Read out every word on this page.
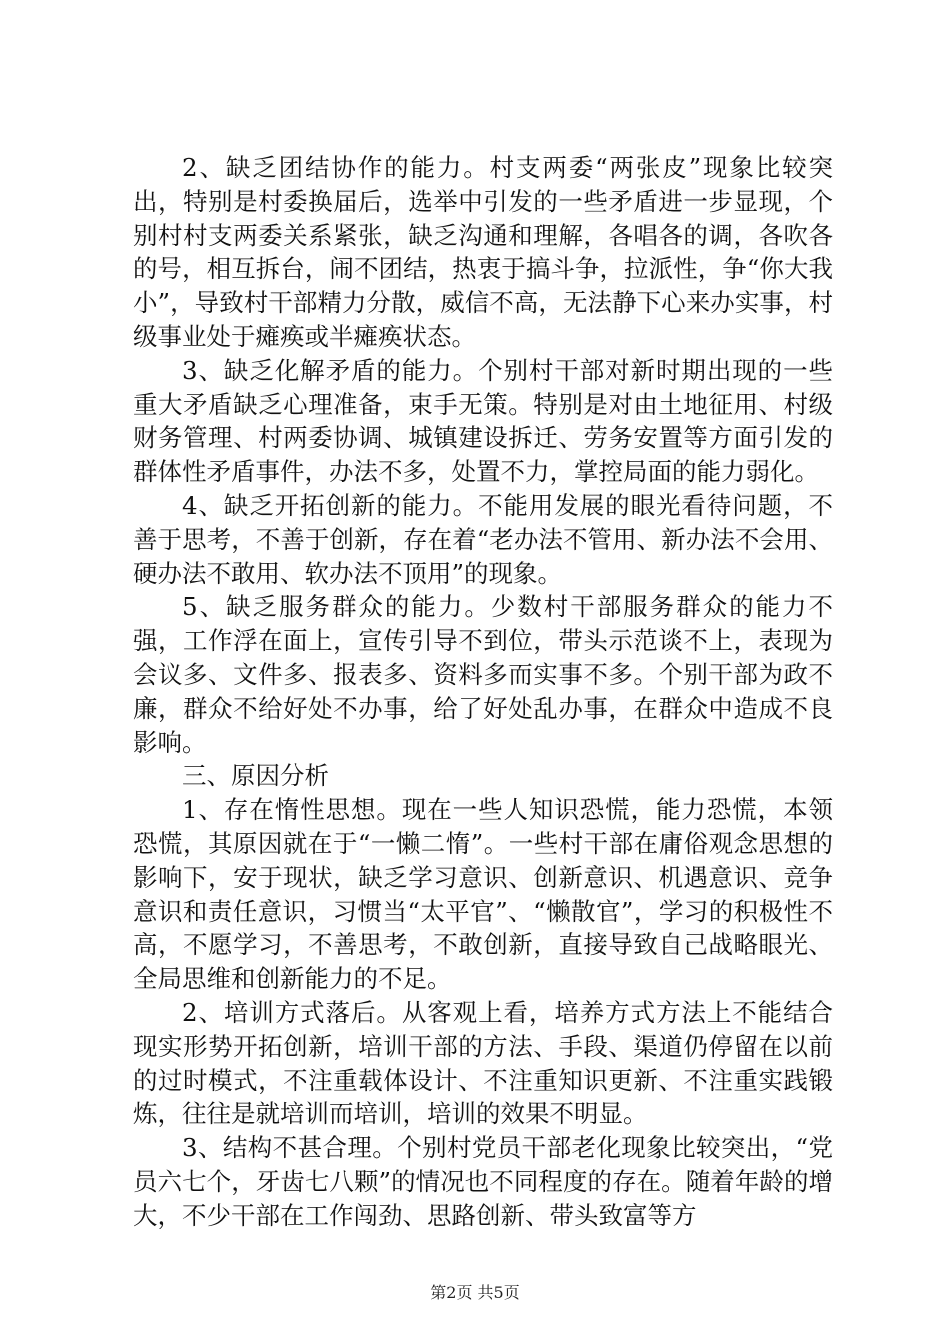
2、缺乏团结协作的能力。村支两委“两张皮”现象比较突出，特别是村委换届后，选举中引发的一些矛盾进一步显现，个别村村支两委关系紧张，缺乏沟通和理解，各唱各的调，各吹各的号，相互拆台，闹不团结，热衷于搞斗争，拉派性，争“你大我小”，导致村干部精力分散，威信不高，无法静下心来办实事，村级事业处于瘫痪或半瘫痪状态。

3、缺乏化解矛盾的能力。个别村干部对新时期出现的一些重大矛盾缺乏心理准备，束手无策。特别是对由土地征用、村级财务管理、村两委协调、城镇建设拆迁、劳务安置等方面引发的群体性矛盾事件，办法不多，处置不力，掌控局面的能力弱化。

4、缺乏开拓创新的能力。不能用发展的眼光看待问题，不善于思考，不善于创新，存在着“老办法不管用、新办法不会用、硬办法不敢用、软办法不顶用”的现象。

5、缺乏服务群众的能力。少数村干部服务群众的能力不强，工作浮在面上，宣传引导不到位，带头示范谈不上，表现为会议多、文件多、报表多、资料多而实事不多。个别干部为政不廉，群众不给好处不办事，给了好处乱办事，在群众中造成不良影响。

三、原因分析

1、存在惰性思想。现在一些人知识恐慌，能力恐慌，本领恐慌，其原因就在于“一懒二惰”。一些村干部在庸俗观念思想的影响下，安于现状，缺乏学习意识、创新意识、机遇意识、竞争意识和责任意识，习惯当“太平官”、“懒散官”，学习的积极性不高，不愿学习，不善思考，不敢创新，直接导致自己战略眼光、全局思维和创新能力的不足。

2、培训方式落后。从客观上看，培养方式方法上不能结合现实形势开拓创新，培训干部的方法、手段、渠道仍停留在以前的过时模式，不注重载体设计、不注重知识更新、不注重实践锻炼，往往是就培训而培训，培训的效果不明显。

3、结构不甚合理。个别村党员干部老化现象比较突出，“党员六七个，牙齿七八颗”的情况也不同程度的存在。随着年龄的增大，不少干部在工作闯劲、思路创新、带头致富等方

第2页 共5页
